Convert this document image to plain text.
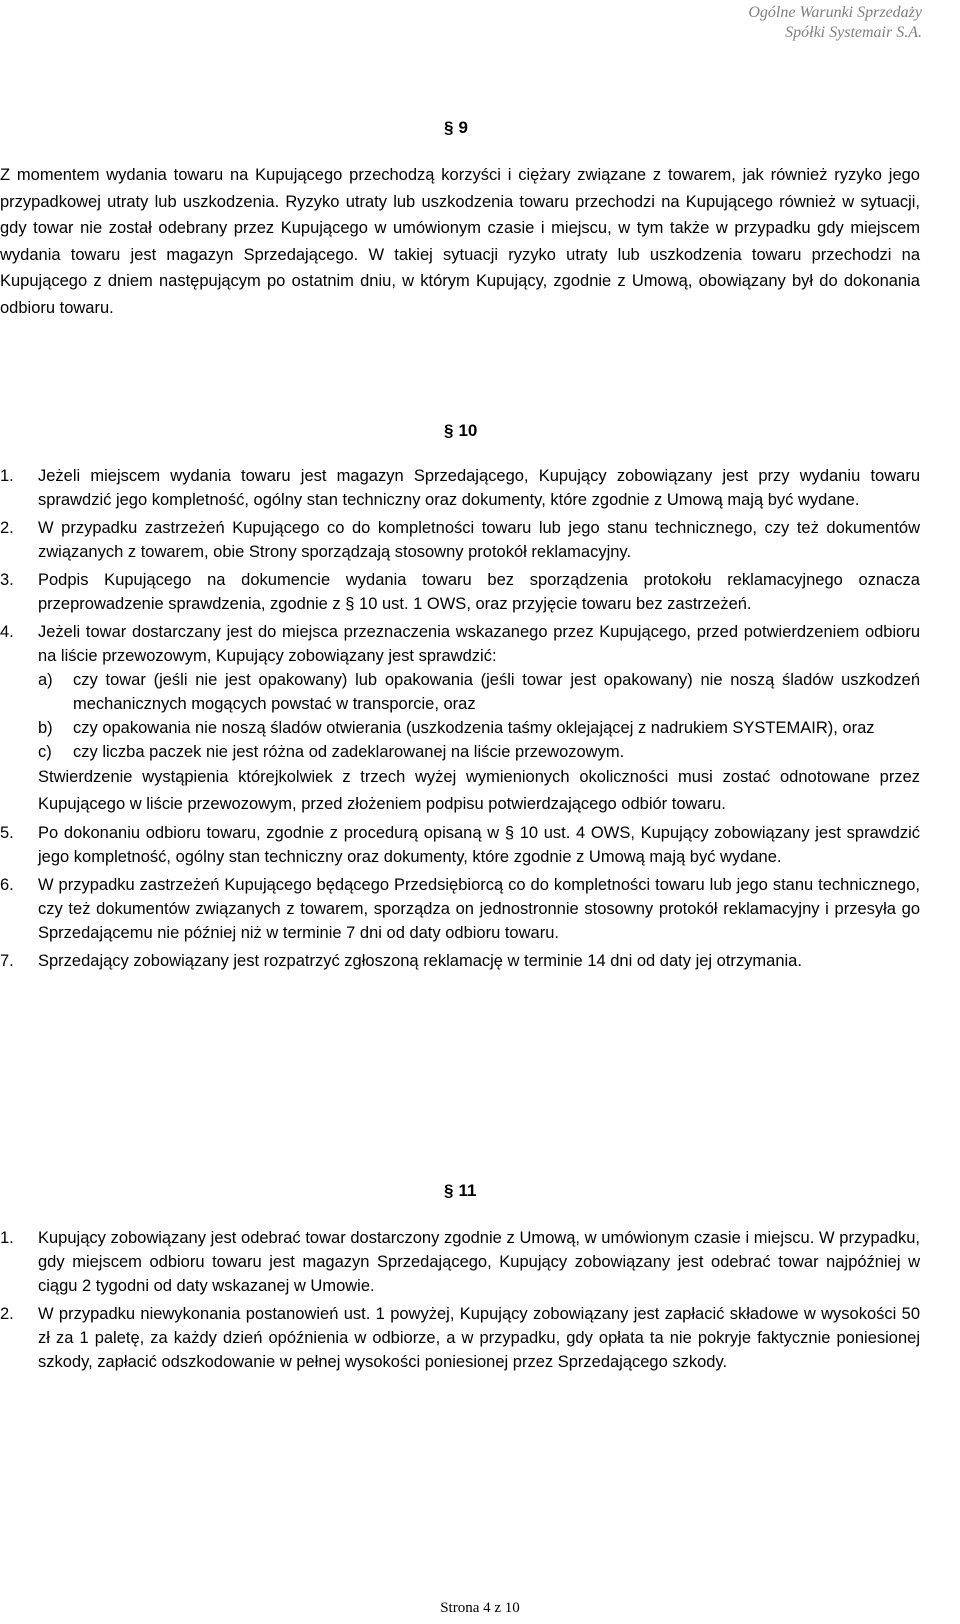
Ogólne Warunki Sprzedaży
Spółki Systemair S.A.
§ 9
Z momentem wydania towaru na Kupującego przechodzą korzyści i ciężary związane z towarem, jak również ryzyko jego przypadkowej utraty lub uszkodzenia. Ryzyko utraty lub uszkodzenia towaru przechodzi na Kupującego również w sytuacji, gdy towar nie został odebrany przez Kupującego w umówionym czasie i miejscu, w tym także w przypadku gdy miejscem wydania towaru jest magazyn Sprzedającego. W takiej sytuacji ryzyko utraty lub uszkodzenia towaru przechodzi na Kupującego z dniem następującym po ostatnim dniu, w którym Kupujący, zgodnie z Umową, obowiązany był do dokonania odbioru towaru.
§ 10
1. Jeżeli miejscem wydania towaru jest magazyn Sprzedającego, Kupujący zobowiązany jest przy wydaniu towaru sprawdzić jego kompletność, ogólny stan techniczny oraz dokumenty, które zgodnie z Umową mają być wydane.
2. W przypadku zastrzeżeń Kupującego co do kompletności towaru lub jego stanu technicznego, czy też dokumentów związanych z towarem, obie Strony sporządzają stosowny protokół reklamacyjny.
3. Podpis Kupującego na dokumencie wydania towaru bez sporządzenia protokołu reklamacyjnego oznacza przeprowadzenie sprawdzenia, zgodnie z § 10 ust. 1 OWS, oraz przyjęcie towaru bez zastrzeżeń.
4. Jeżeli towar dostarczany jest do miejsca przeznaczenia wskazanego przez Kupującego, przed potwierdzeniem odbioru na liście przewozowym, Kupujący zobowiązany jest sprawdzić:
a) czy towar (jeśli nie jest opakowany) lub opakowania (jeśli towar jest opakowany) nie noszą śladów uszkodzeń mechanicznych mogących powstać w transporcie, oraz
b) czy opakowania nie noszą śladów otwierania (uszkodzenia taśmy oklejającej z nadrukiem SYSTEMAIR), oraz
c) czy liczba paczek nie jest różna od zadeklarowanej na liście przewozowym.
Stwierdzenie wystąpienia którejkolwiek z trzech wyżej wymienionych okoliczności musi zostać odnotowane przez Kupującego w liście przewozowym, przed złożeniem podpisu potwierdzającego odbiór towaru.
5. Po dokonaniu odbioru towaru, zgodnie z procedurą opisaną w § 10 ust. 4 OWS, Kupujący zobowiązany jest sprawdzić jego kompletność, ogólny stan techniczny oraz dokumenty, które zgodnie z Umową mają być wydane.
6. W przypadku zastrzeżeń Kupującego będącego Przedsiębiorcą co do kompletności towaru lub jego stanu technicznego, czy też dokumentów związanych z towarem, sporządza on jednostronnie stosowny protokół reklamacyjny i przesyła go Sprzedającemu nie później niż w terminie 7 dni od daty odbioru towaru.
7. Sprzedający zobowiązany jest rozpatrzyć zgłoszoną reklamację w terminie 14 dni od daty jej otrzymania.
§ 11
1. Kupujący zobowiązany jest odebrać towar dostarczony zgodnie z Umową, w umówionym czasie i miejscu. W przypadku, gdy miejscem odbioru towaru jest magazyn Sprzedającego, Kupujący zobowiązany jest odebrać towar najpóźniej w ciągu 2 tygodni od daty wskazanej w Umowie.
2. W przypadku niewykonania postanowień ust. 1 powyżej, Kupujący zobowiązany jest zapłacić składowe w wysokości 50 zł za 1 paletę, za każdy dzień opóźnienia w odbiorze, a w przypadku, gdy opłata ta nie pokryje faktycznie poniesionej szkody, zapłacić odszkodowanie w pełnej wysokości poniesionej przez Sprzedającego szkody.
Strona 4 z 10
